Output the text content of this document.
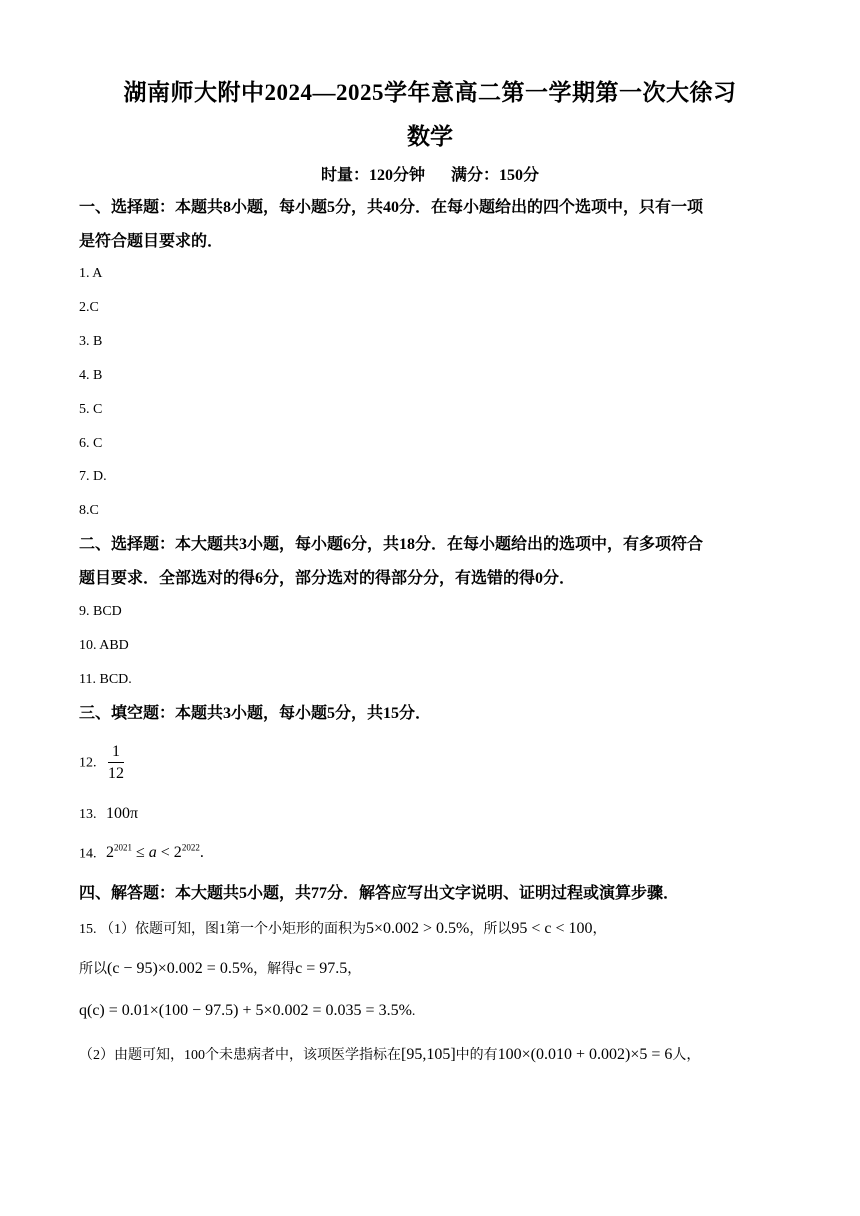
湖南师大附中2024—2025学年意高二第一学期第一次大徐习
数学
时量：120分钟 满分：150分
一、选择题：本题共8小题，每小题5分，共40分．在每小题给出的四个选项中，只有一项
是符合题目要求的．
1. A
2.C
3. B
4. B
5. C
6. C
7. D.
8.C
二、选择题：本大题共3小题，每小题6分，共18分．在每小题给出的选项中，有多项符合
题目要求．全部选对的得6分，部分选对的得部分分，有选错的得0分．
9. BCD
10. ABD
11. BCD.
三、填空题：本题共3小题，每小题5分，共15分．
12. $\frac{1}{12}$
13. 100π
14. $2^{2021} \le a < 2^{2022}$.
四、解答题：本大题共5小题，共77分．解答应写出文字说明、证明过程或演算步骤．
15. （1）依题可知，图1第一个小矩形的面积为5×0.002 > 0.5%，所以95 < c < 100，
所以(c − 95)×0.002 = 0.5%，解得c = 97.5，
q(c) = 0.01×(100 − 97.5) + 5×0.002 = 0.035 = 3.5%.
（2）由题可知，100个未患病者中，该项医学指标在[95,105]中的有100×(0.010 + 0.002)×5 = 6人，
